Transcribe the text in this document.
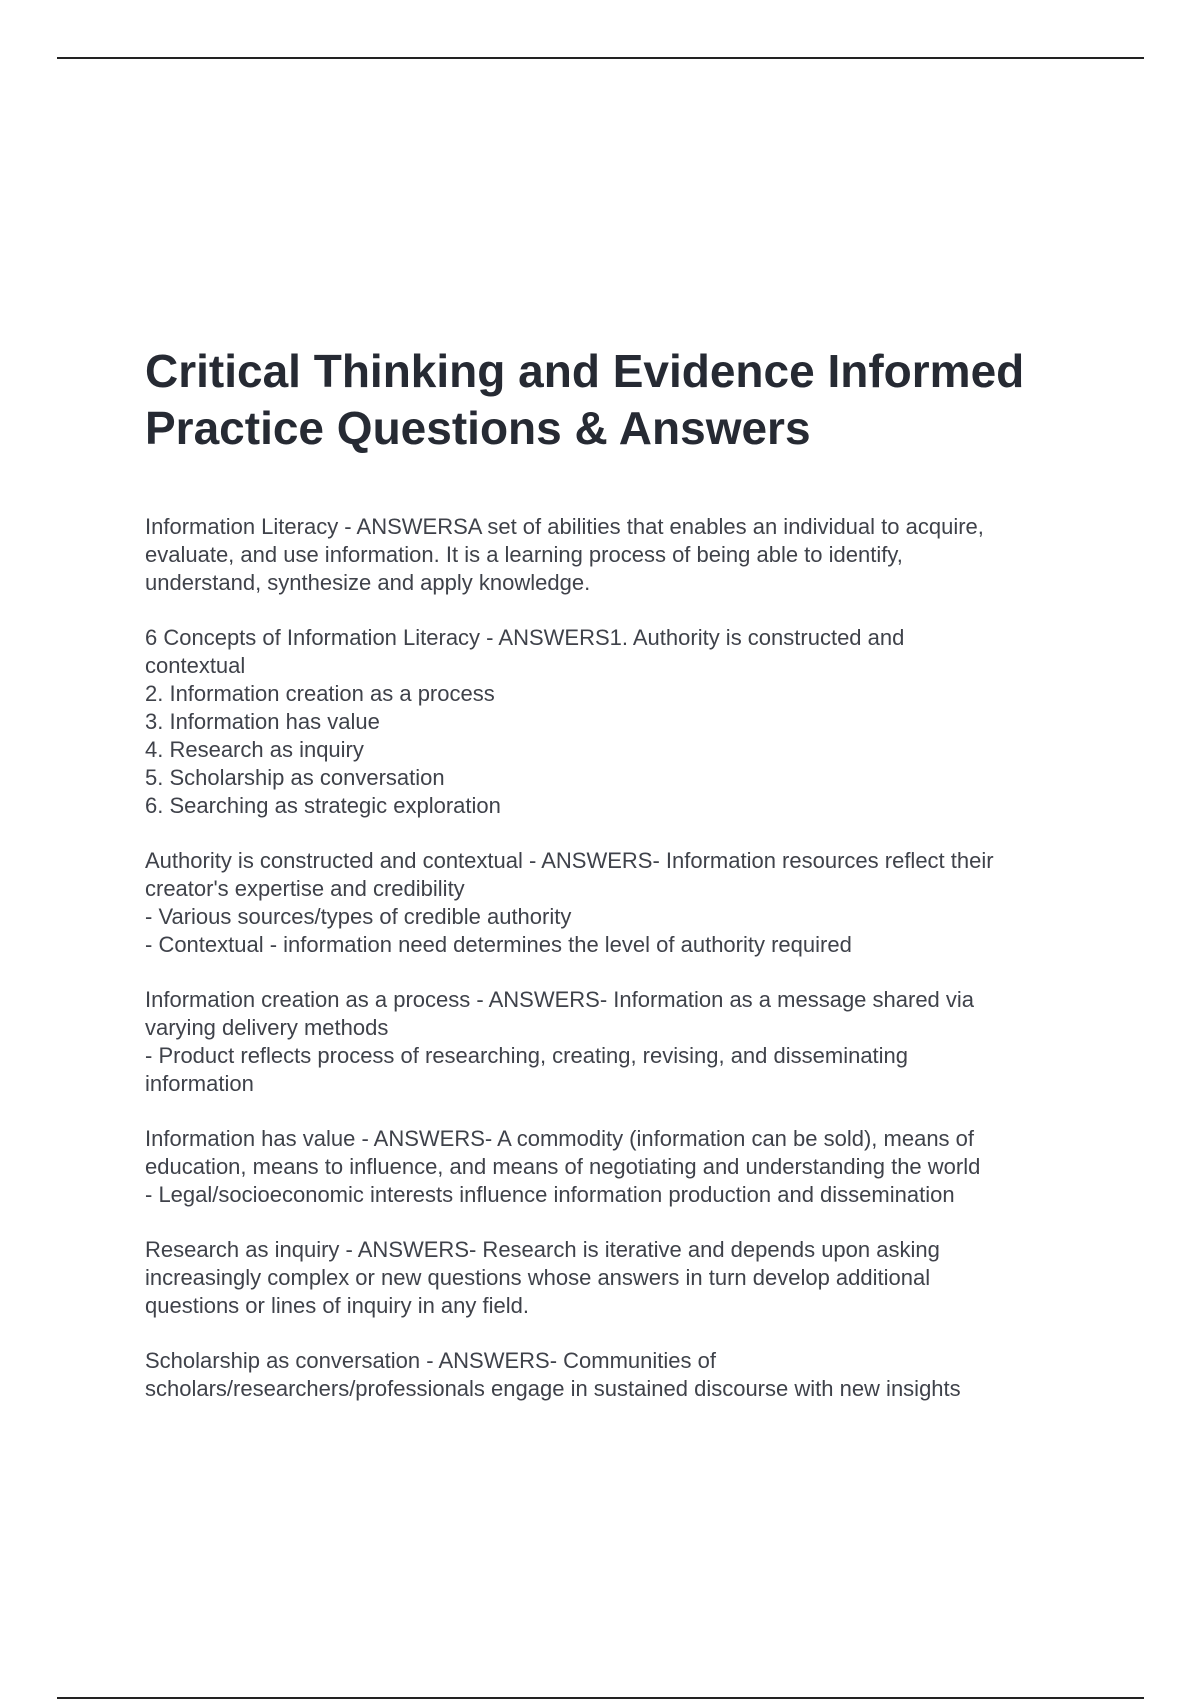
Critical Thinking and Evidence Informed
Practice Questions & Answers
Information Literacy - ANSWERSA set of abilities that enables an individual to acquire,
evaluate, and use information. It is a learning process of being able to identify,
understand, synthesize and apply knowledge.
6 Concepts of Information Literacy - ANSWERS1. Authority is constructed and
contextual
2. Information creation as a process
3. Information has value
4. Research as inquiry
5. Scholarship as conversation
6. Searching as strategic exploration
Authority is constructed and contextual - ANSWERS- Information resources reflect their
creator's expertise and credibility
- Various sources/types of credible authority
- Contextual - information need determines the level of authority required
Information creation as a process - ANSWERS- Information as a message shared via
varying delivery methods
- Product reflects process of researching, creating, revising, and disseminating
information
Information has value - ANSWERS- A commodity (information can be sold), means of
education, means to influence, and means of negotiating and understanding the world
- Legal/socioeconomic interests influence information production and dissemination
Research as inquiry - ANSWERS- Research is iterative and depends upon asking
increasingly complex or new questions whose answers in turn develop additional
questions or lines of inquiry in any field.
Scholarship as conversation - ANSWERS- Communities of
scholars/researchers/professionals engage in sustained discourse with new insights
